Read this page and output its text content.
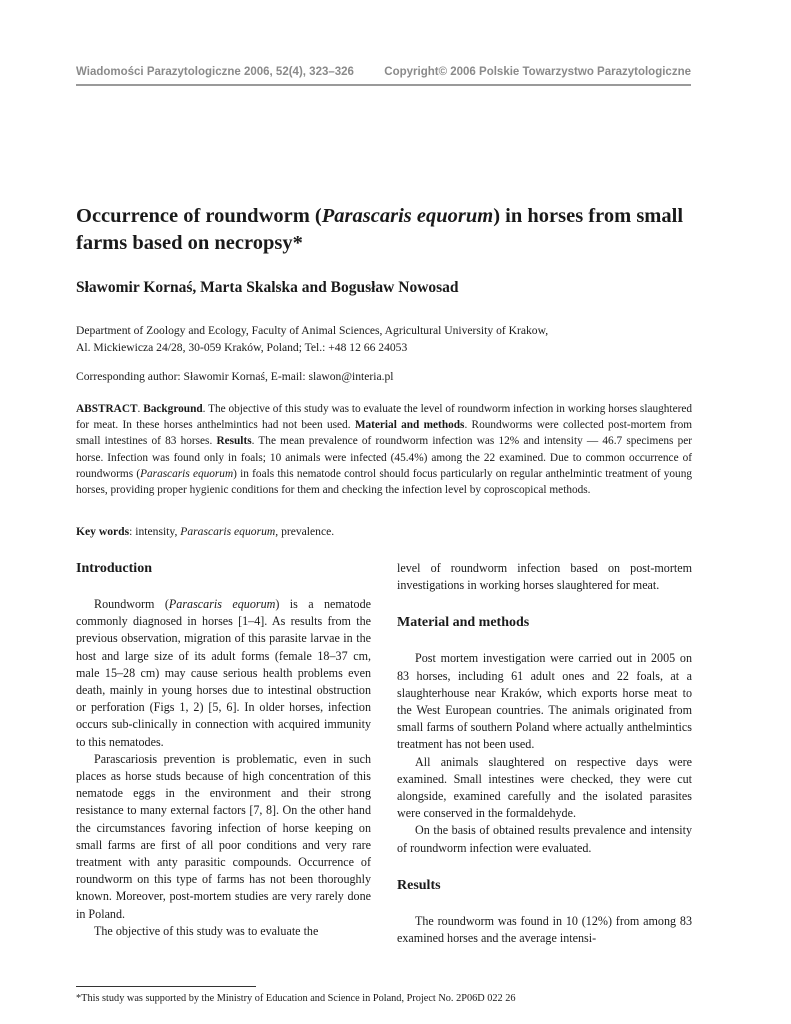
Wiadomości Parazytologiczne 2006, 52(4), 323–326	Copyright© 2006 Polskie Towarzystwo Parazytologiczne
Occurrence of roundworm (Parascaris equorum) in horses from small farms based on necropsy*

Sławomir Kornaś, Marta Skalska and Bogusław Nowosad

Department of Zoology and Ecology, Faculty of Animal Sciences, Agricultural University of Krakow,
Al. Mickiewicza 24/28, 30-059 Kraków, Poland; Tel.: +48 12 66 24053

Corresponding author: Sławomir Kornaś, E-mail: slawon@interia.pl

ABSTRACT. Background. The objective of this study was to evaluate the level of roundworm infection in working horses slaughtered for meat. In these horses anthelmintics had not been used. Material and methods. Roundworms were collected post-mortem from small intestines of 83 horses. Results. The mean prevalence of roundworm infection was 12% and intensity — 46.7 specimens per horse. Infection was found only in foals; 10 animals were infected (45.4%) among the 22 examined. Due to common occurrence of roundworms (Parascaris equorum) in foals this nematode control should focus particularly on regular anthelmintic treatment of young horses, providing proper hygienic conditions for them and checking the infection level by coproscopical methods.

Key words: intensity, Parascaris equorum, prevalence.

Introduction

Roundworm (Parascaris equorum) is a nematode commonly diagnosed in horses [1–4]. As results from the previous observation, migration of this parasite larvae in the host and large size of its adult forms (female 18–37 cm, male 15–28 cm) may cause serious health problems even death, mainly in young horses due to intestinal obstruction or perforation (Figs 1, 2) [5, 6]. In older horses, infection occurs sub-clinically in connection with acquired immunity to this nematodes.

Parascariosis prevention is problematic, even in such places as horse studs because of high concentration of this nematode eggs in the environment and their strong resistance to many external factors [7, 8]. On the other hand the circumstances favoring infection of horse keeping on small farms are first of all poor conditions and very rare treatment with anty parasitic compounds. Occurrence of roundworm on this type of farms has not been thoroughly known. Moreover, post-mortem studies are very rarely done in Poland.

The objective of this study was to evaluate the

level of roundworm infection based on post-mortem investigations in working horses slaughtered for meat.

Material and methods

Post mortem investigation were carried out in 2005 on 83 horses, including 61 adult ones and 22 foals, at a slaughterhouse near Kraków, which exports horse meat to the West European countries. The animals originated from small farms of southern Poland where actually anthelmintics treatment has not been used.

All animals slaughtered on respective days were examined. Small intestines were checked, they were cut alongside, examined carefully and the isolated parasites were conserved in the formaldehyde.

On the basis of obtained results prevalence and intensity of roundworm infection were evaluated.

Results

The roundworm was found in 10 (12%) from among 83 examined horses and the average intensi-

*This study was supported by the Ministry of Education and Science in Poland, Project No. 2P06D 022 26
